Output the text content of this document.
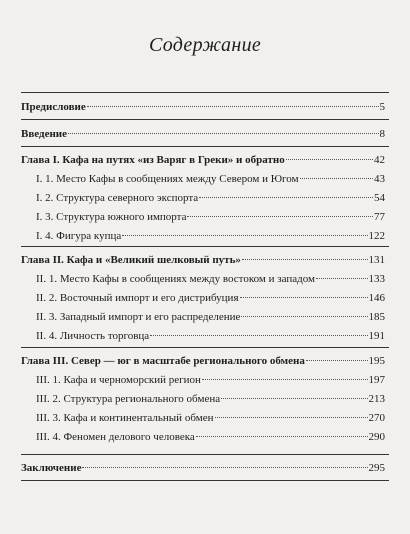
Содержание
Предисловие	5
Введение	8
Глава I. Кафа на путях «из Варяг в Греки» и обратно	42
I. 1. Место Кафы в сообщениях между Севером и Югом	43
I. 2. Структура северного экспорта	54
I. 3. Структура южного импорта	77
I. 4. Фигура купца	122
Глава II. Кафа и «Великий шелковый путь»	131
II. 1. Место Кафы в сообщениях между востоком и западом	133
II. 2. Восточный импорт и его дистрибуция	146
II. 3. Западный импорт и его распределение	185
II. 4. Личность торговца	191
Глава III. Север — юг в масштабе регионального обмена	195
III. 1. Кафа и черноморский регион	197
III. 2. Структура регионального обмена	213
III. 3. Кафа и континентальный обмен	270
III. 4. Феномен делового человека	290
Заключение	295
